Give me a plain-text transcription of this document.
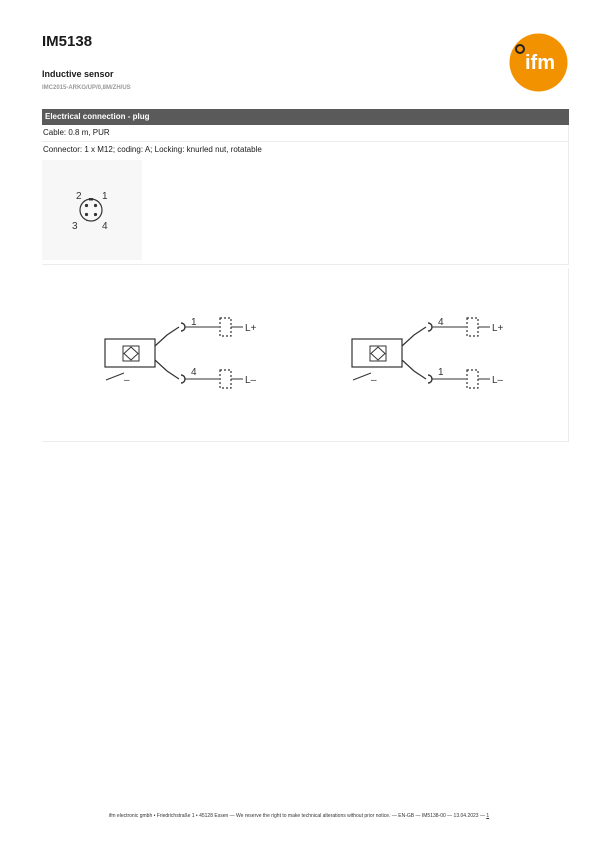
IM5138
Inductive sensor
IMC2015-ARKG/UP/0,8M/ZH/US
ifm
Electrical connection - plug
Cable: 0.8 m, PUR
Connector: 1 x M12; coding: A; Locking: knurled nut, rotatable
2 1
3 4
–
1
4
L+
L–	–
4
1
L+
L–
ifm electronic gmbh • Friedrichstraße 1 • 45128 Essen — We reserve the right to make technical alterations without prior notice. — EN-GB — IM5138-00 — 13.04.2023 — 1
